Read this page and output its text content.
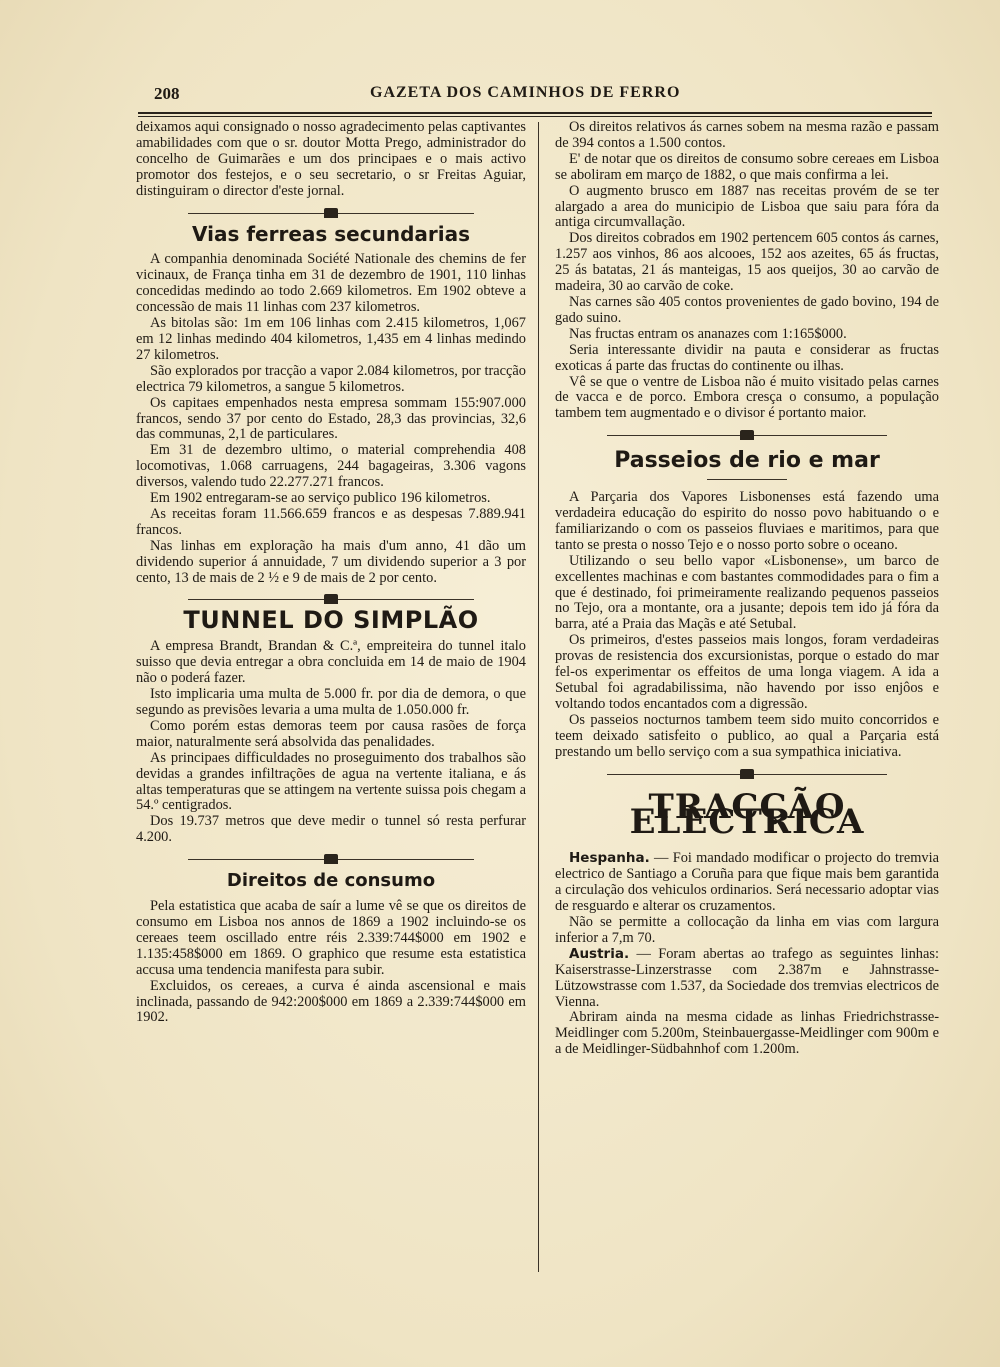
208	GAZETA DOS CAMINHOS DE FERRO

deixamos aqui consignado o nosso agradecimento pelas captivantes amabilidades com que o sr. doutor Motta Prego, administrador do concelho de Guimarães e um dos principaes e o mais activo promotor dos festejos, e o seu secretario, o sr Freitas Aguiar, distinguiram o director d'este jornal.

Vias ferreas secundarias

A companhia denominada Société Nationale des chemins de fer vicinaux, de França tinha em 31 de dezembro de 1901, 110 linhas concedidas medindo ao todo 2.669 kilometros. Em 1902 obteve a concessão de mais 11 linhas com 237 kilometros.

As bitolas são: 1m em 106 linhas com 2.415 kilometros, 1,067 em 12 linhas medindo 404 kilometros, 1,435 em 4 linhas medindo 27 kilometros.

São explorados por tracção a vapor 2.084 kilometros, por tracção electrica 79 kilometros, a sangue 5 kilometros.

Os capitaes empenhados nesta empresa sommam 155:907.000 francos, sendo 37 por cento do Estado, 28,3 das provincias, 32,6 das communas, 2,1 de particulares.

Em 31 de dezembro ultimo, o material comprehendia 408 locomotivas, 1.068 carruagens, 244 bagageiras, 3.306 vagons diversos, valendo tudo 22.277.271 francos.

Em 1902 entregaram-se ao serviço publico 196 kilometros.

As receitas foram 11.566.659 francos e as despesas 7.889.941 francos.

Nas linhas em exploração ha mais d'um anno, 41 dão um dividendo superior á annuidade, 7 um dividendo superior a 3 por cento, 13 de mais de 2 ½ e 9 de mais de 2 por cento.

TUNNEL DO SIMPLÃO

A empresa Brandt, Brandan & C.ª, empreiteira do tunnel italo suisso que devia entregar a obra concluida em 14 de maio de 1904 não o poderá fazer.

Isto implicaria uma multa de 5.000 fr. por dia de demora, o que segundo as previsões levaria a uma multa de 1.050.000 fr.

Como porém estas demoras teem por causa rasões de força maior, naturalmente será absolvida das penalidades.

As principaes difficuldades no proseguimento dos trabalhos são devidas a grandes infiltrações de agua na vertente italiana, e ás altas temperaturas que se attingem na vertente suissa pois chegam a 54.º centigrados.

Dos 19.737 metros que deve medir o tunnel só resta perfurar 4.200.

Direitos de consumo

Pela estatistica que acaba de saír a lume vê se que os direitos de consumo em Lisboa nos annos de 1869 a 1902 incluindo-se os cereaes teem oscillado entre réis 2.339:744$000 em 1902 e 1.135:458$000 em 1869. O graphico que resume esta estatistica accusa uma tendencia manifesta para subir.

Excluidos, os cereaes, a curva é ainda ascensional e mais inclinada, passando de 942:200$000 em 1869 a 2.339:744$000 em 1902.

Os direitos relativos ás carnes sobem na mesma razão e passam de 394 contos a 1.500 contos.

E' de notar que os direitos de consumo sobre cereaes em Lisboa se aboliram em março de 1882, o que mais confirma a lei.

O augmento brusco em 1887 nas receitas provém de se ter alargado a area do municipio de Lisboa que saiu para fóra da antiga circumvallação.

Dos direitos cobrados em 1902 pertencem 605 contos ás carnes, 1.257 aos vinhos, 86 aos alcooes, 152 aos azeites, 65 ás fructas, 25 ás batatas, 21 ás manteigas, 15 aos queijos, 30 ao carvão de madeira, 30 ao carvão de coke.

Nas carnes são 405 contos provenientes de gado bovino, 194 de gado suino.

Nas fructas entram os ananazes com 1:165$000.

Seria interessante dividir na pauta e considerar as fructas exoticas á parte das fructas do continente ou ilhas.

Vê se que o ventre de Lisboa não é muito visitado pelas carnes de vacca e de porco. Embora cresça o consumo, a população tambem tem augmentado e o divisor é portanto maior.

Passeios de rio e mar

A Parçaria dos Vapores Lisbonenses está fazendo uma verdadeira educação do espirito do nosso povo habituando o e familiarizando o com os passeios fluviaes e maritimos, para que tanto se presta o nosso Tejo e o nosso porto sobre o oceano.

Utilizando o seu bello vapor «Lisbonense», um barco de excellentes machinas e com bastantes commodidades para o fim a que é destinado, foi primeiramente realizando pequenos passeios no Tejo, ora a montante, ora a jusante; depois tem ido já fóra da barra, até a Praia das Maçãs e até Setubal.

Os primeiros, d'estes passeios mais longos, foram verdadeiras provas de resistencia dos excursionistas, porque o estado do mar fel-os experimentar os effeitos de uma longa viagem. A ida a Setubal foi agradabilissima, não havendo por isso enjôos e voltando todos encantados com a digressão.

Os passeios nocturnos tambem teem sido muito concorridos e teem deixado satisfeito o publico, ao qual a Parçaria está prestando um bello serviço com a sua sympathica iniciativa.

TRACÇÃO ELECTRICA

Hespanha. — Foi mandado modificar o projecto do tremvia electrico de Santiago a Coruña para que fique mais bem garantida a circulação dos vehiculos ordinarios. Será necessario adoptar vias de resguardo e alterar os cruzamentos.

Não se permitte a collocação da linha em vias com largura inferior a 7,m 70.

Austria. — Foram abertas ao trafego as seguintes linhas: Kaiserstrasse-Linzerstrasse com 2.387m e Jahnstrasse-Lützowstrasse com 1.537, da Sociedade dos tremvias electricos de Vienna.

Abriram ainda na mesma cidade as linhas Friedrichstrasse-Meidlinger com 5.200m, Steinbauergasse-Meidlinger com 900m e a de Meidlinger-Südbahnhof com 1.200m.
